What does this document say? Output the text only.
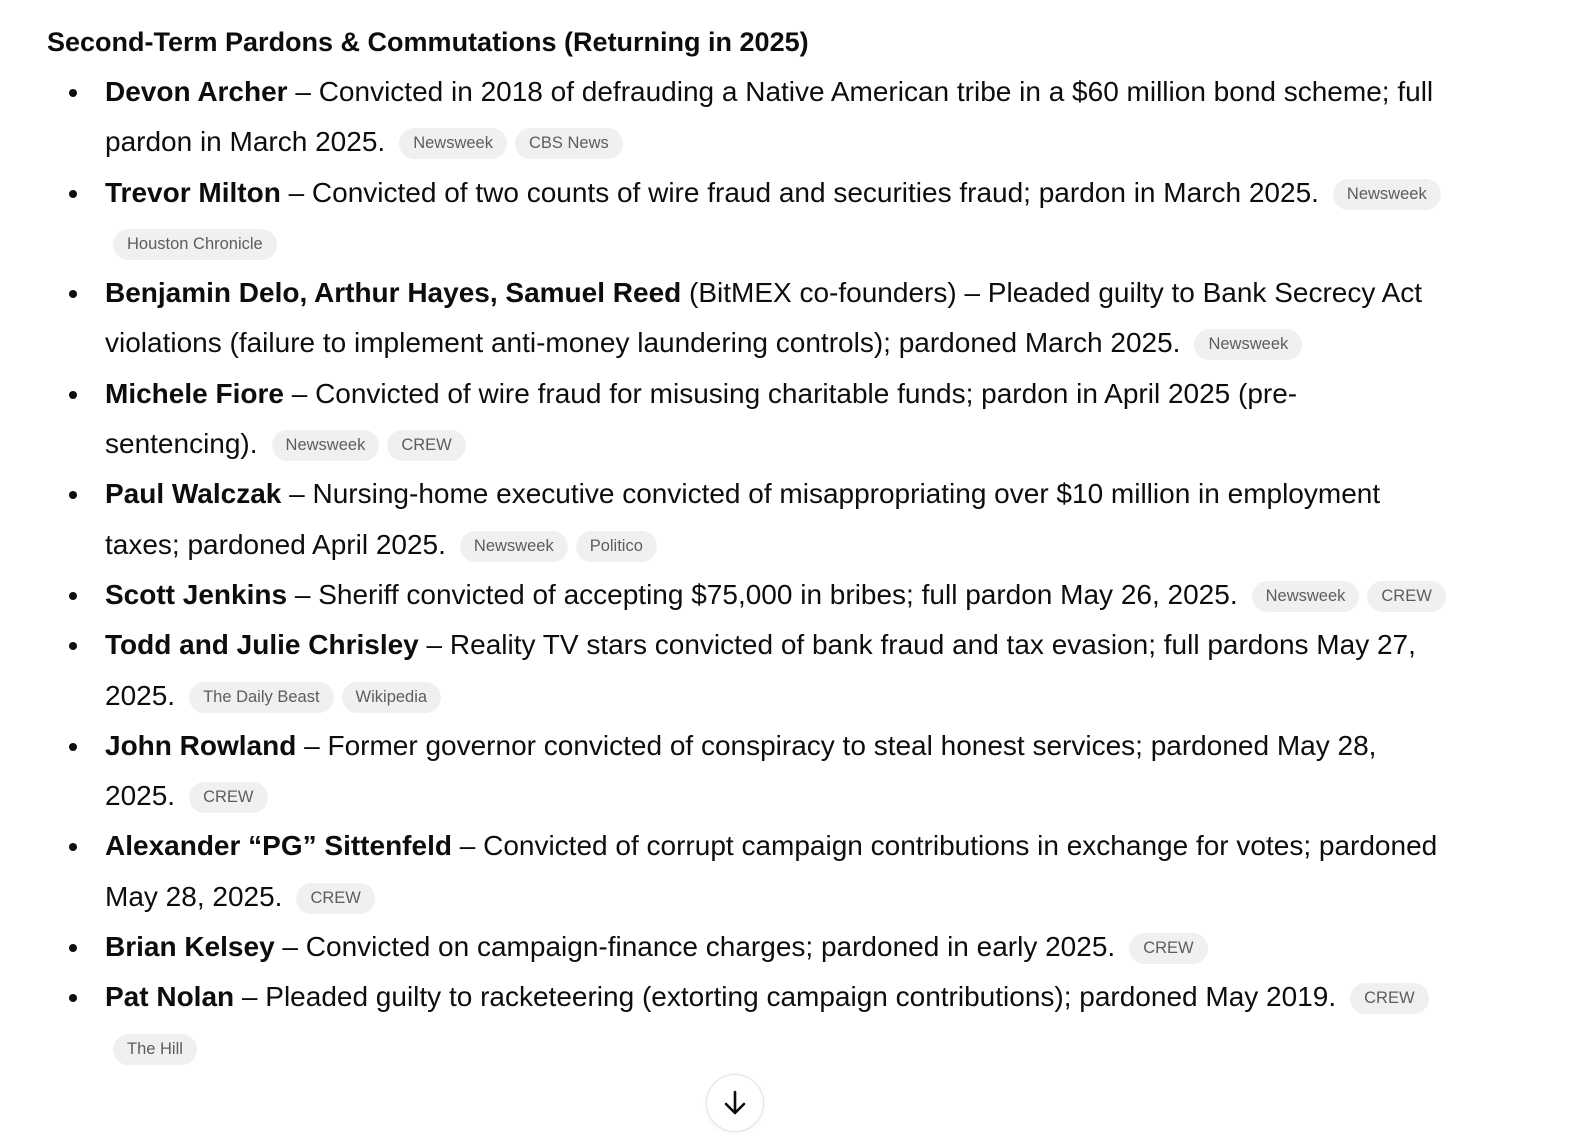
Second-Term Pardons & Commutations (Returning in 2025)
Devon Archer – Convicted in 2018 of defrauding a Native American tribe in a $60 million bond scheme; full pardon in March 2025. Newsweek CBS News
Trevor Milton – Convicted of two counts of wire fraud and securities fraud; pardon in March 2025. NewsweekHouston Chronicle
Benjamin Delo, Arthur Hayes, Samuel Reed (BitMEX co-founders) – Pleaded guilty to Bank Secrecy Act violations (failure to implement anti-money laundering controls); pardoned March 2025. Newsweek
Michele Fiore – Convicted of wire fraud for misusing charitable funds; pardon in April 2025 (pre-sentencing). Newsweek CREW
Paul Walczak – Nursing-home executive convicted of misappropriating over $10 million in employment taxes; pardoned April 2025. Newsweek Politico
Scott Jenkins – Sheriff convicted of accepting $75,000 in bribes; full pardon May 26, 2025. Newsweek CREW
Todd and Julie Chrisley – Reality TV stars convicted of bank fraud and tax evasion; full pardons May 27, 2025. The Daily Beast Wikipedia
John Rowland – Former governor convicted of conspiracy to steal honest services; pardoned May 28, 2025. CREW
Alexander “PG” Sittenfeld – Convicted of corrupt campaign contributions in exchange for votes; pardoned May 28, 2025. CREW
Brian Kelsey – Convicted on campaign-finance charges; pardoned in early 2025. CREW
Pat Nolan – Pleaded guilty to racketeering (extorting campaign contributions); pardoned May 2019. CREWThe Hill
